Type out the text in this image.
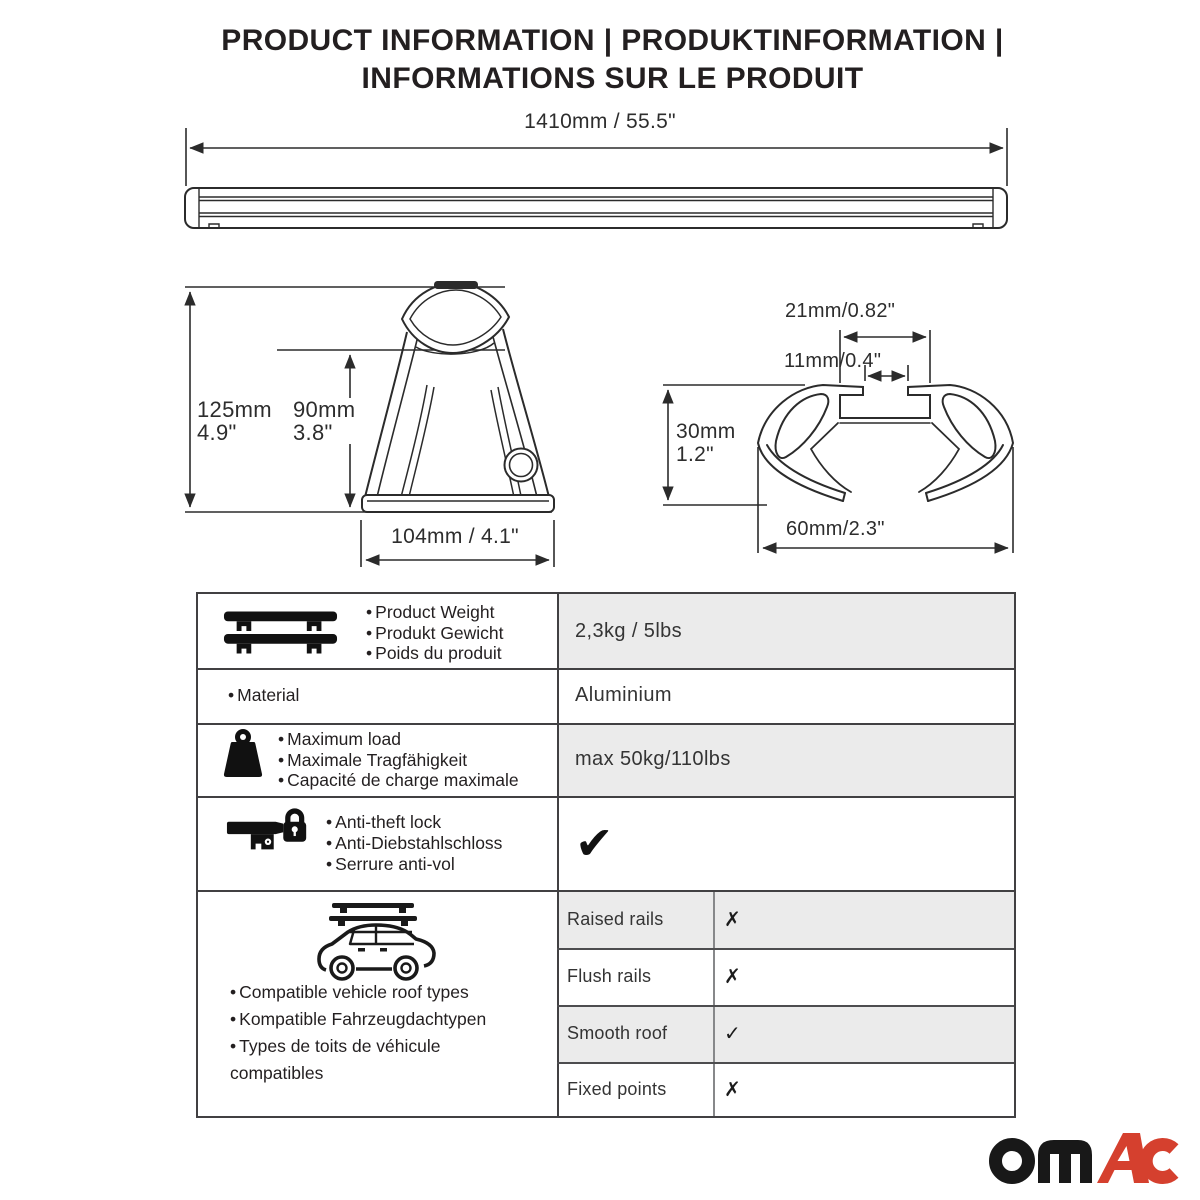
PRODUCT INFORMATION | PRODUKTINFORMATION |
INFORMATIONS SUR LE PRODUIT
1410mm / 55.5"
125mm
4.9"
90mm
3.8"
104mm / 4.1"
21mm/0.82"
11mm/0.4"
30mm
1.2"
60mm/2.3"
• Product Weight
• Produkt Gewicht
• Poids du produit
2,3kg / 5lbs
• Material	Aluminium
• Maximum load
• Maximale Tragfähigkeit
• Capacité de charge maximale
max 50kg/110lbs
• Anti-theft lock
• Anti-Diebstahlschloss
• Serrure anti-vol	✔
• Compatible vehicle roof types
• Kompatible Fahrzeugdachtypen
• Types de toits de véhicule
compatibles
Raised rails	✗
Flush rails	✗
Smooth roof	✓
Fixed points	✗
